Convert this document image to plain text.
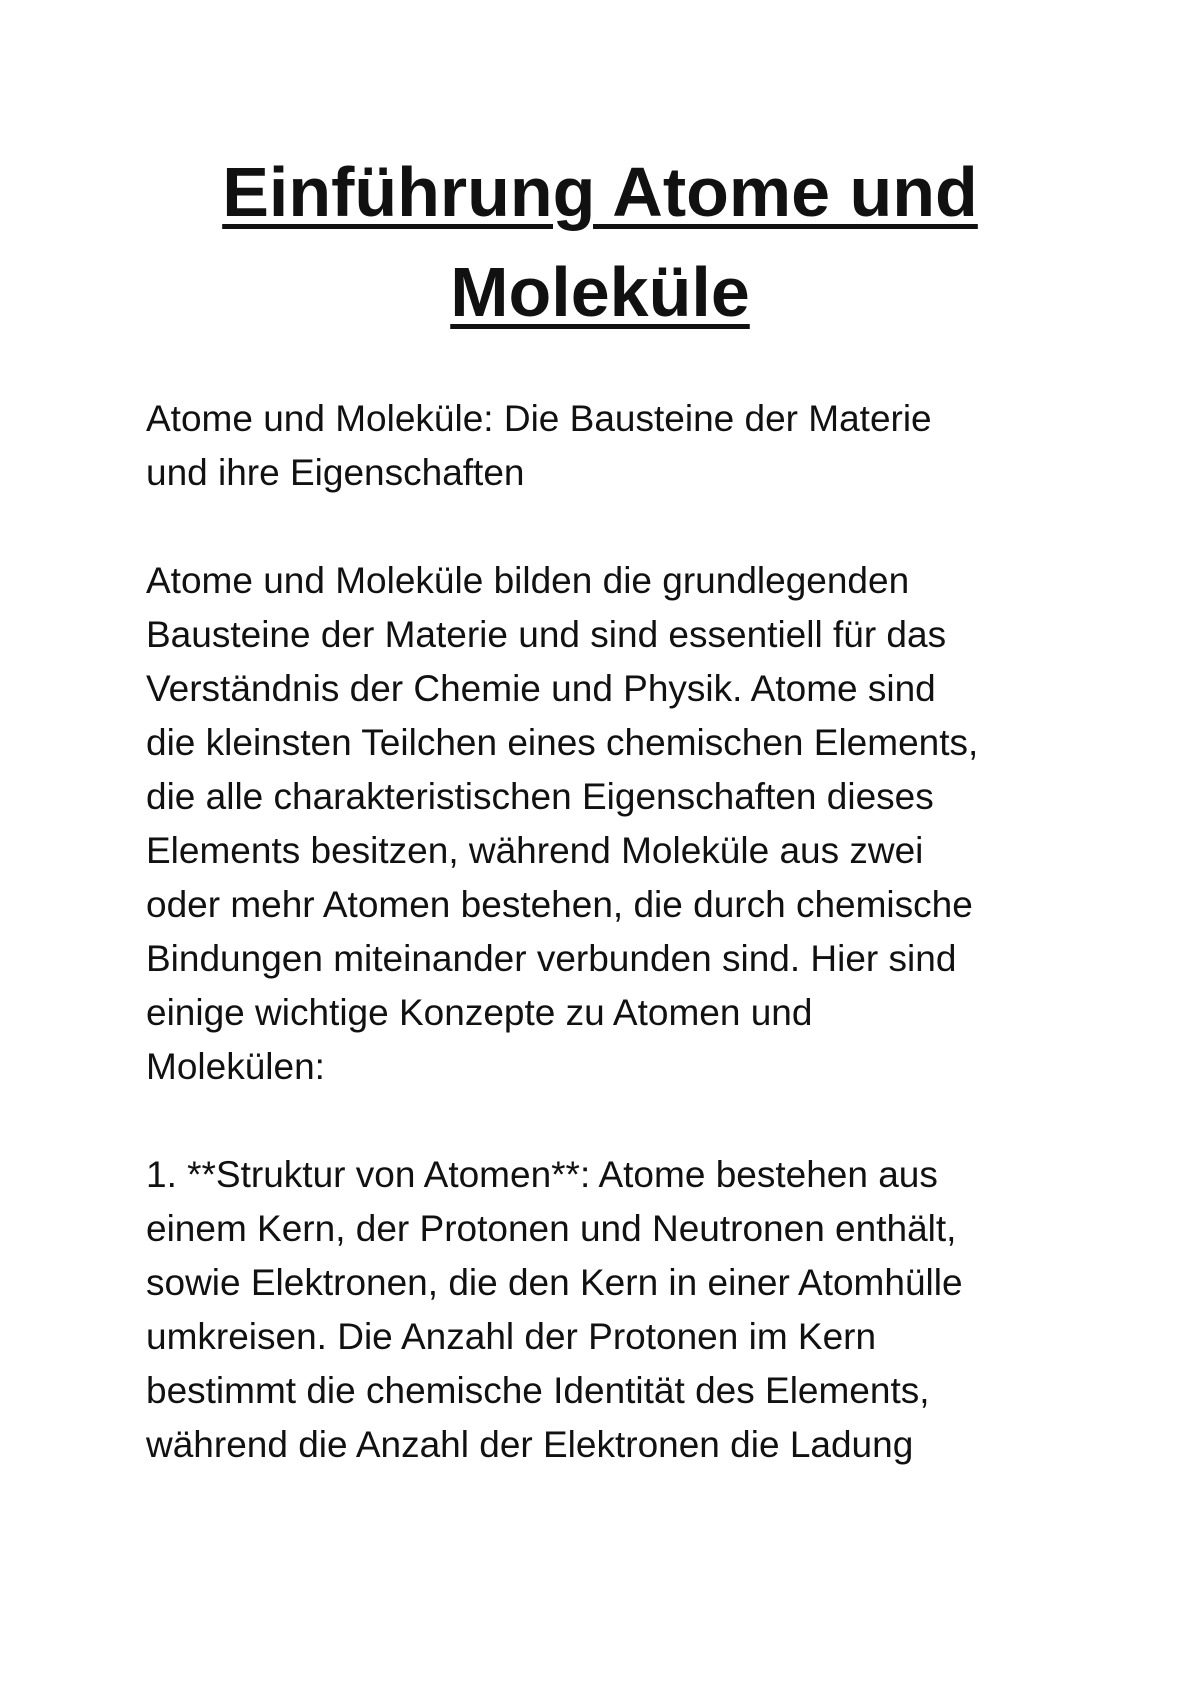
Einführung Atome und
Moleküle

Atome und Moleküle: Die Bausteine der Materie
und ihre Eigenschaften

Atome und Moleküle bilden die grundlegenden
Bausteine der Materie und sind essentiell für das
Verständnis der Chemie und Physik. Atome sind
die kleinsten Teilchen eines chemischen Elements,
die alle charakteristischen Eigenschaften dieses
Elements besitzen, während Moleküle aus zwei
oder mehr Atomen bestehen, die durch chemische
Bindungen miteinander verbunden sind. Hier sind
einige wichtige Konzepte zu Atomen und
Molekülen:

1. **Struktur von Atomen**: Atome bestehen aus
einem Kern, der Protonen und Neutronen enthält,
sowie Elektronen, die den Kern in einer Atomhülle
umkreisen. Die Anzahl der Protonen im Kern
bestimmt die chemische Identität des Elements,
während die Anzahl der Elektronen die Ladung
